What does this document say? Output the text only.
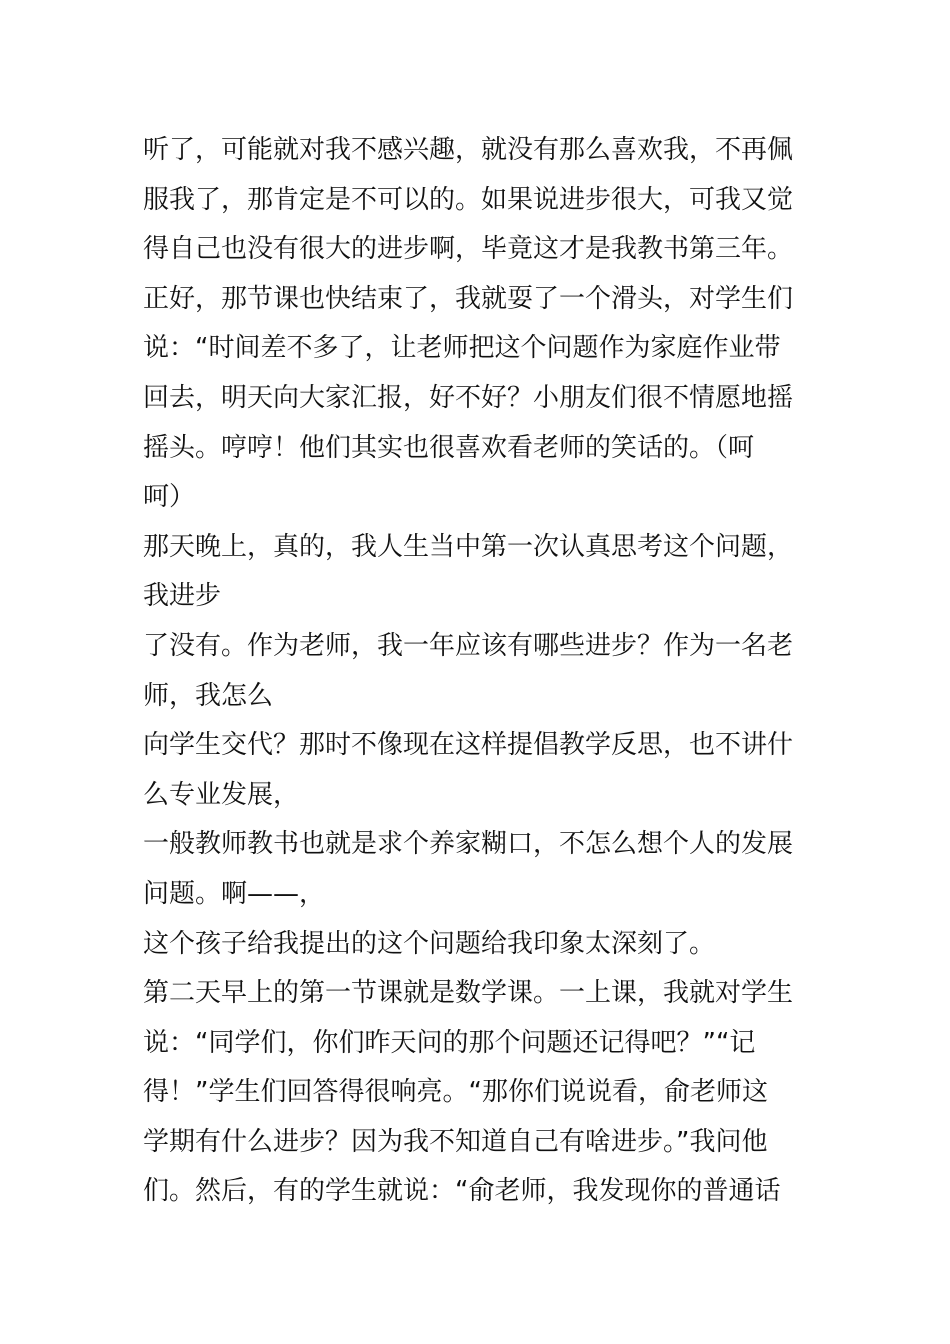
听了，可能就对我不感兴趣，就没有那么喜欢我，不再佩
服我了，那肯定是不可以的。如果说进步很大，可我又觉
得自己也没有很大的进步啊，毕竟这才是我教书第三年。
正好，那节课也快结束了，我就耍了一个滑头，对学生们
说：“时间差不多了，让老师把这个问题作为家庭作业带
回去，明天向大家汇报，好不好？小朋友们很不情愿地摇
摇头。哼哼！他们其实也很喜欢看老师的笑话的。（呵
呵）
那天晚上，真的，我人生当中第一次认真思考这个问题，
我进步
了没有。作为老师，我一年应该有哪些进步？作为一名老
师，我怎么
向学生交代？那时不像现在这样提倡教学反思，也不讲什
么专业发展，
一般教师教书也就是求个养家糊口，不怎么想个人的发展
问题。啊——，
这个孩子给我提出的这个问题给我印象太深刻了。
第二天早上的第一节课就是数学课。一上课，我就对学生
说：“同学们，你们昨天问的那个问题还记得吧？”“记
得！”学生们回答得很响亮。“那你们说说看，俞老师这
学期有什么进步？因为我不知道自己有啥进步。”我问他
们。然后，有的学生就说：“俞老师，我发现你的普通话
